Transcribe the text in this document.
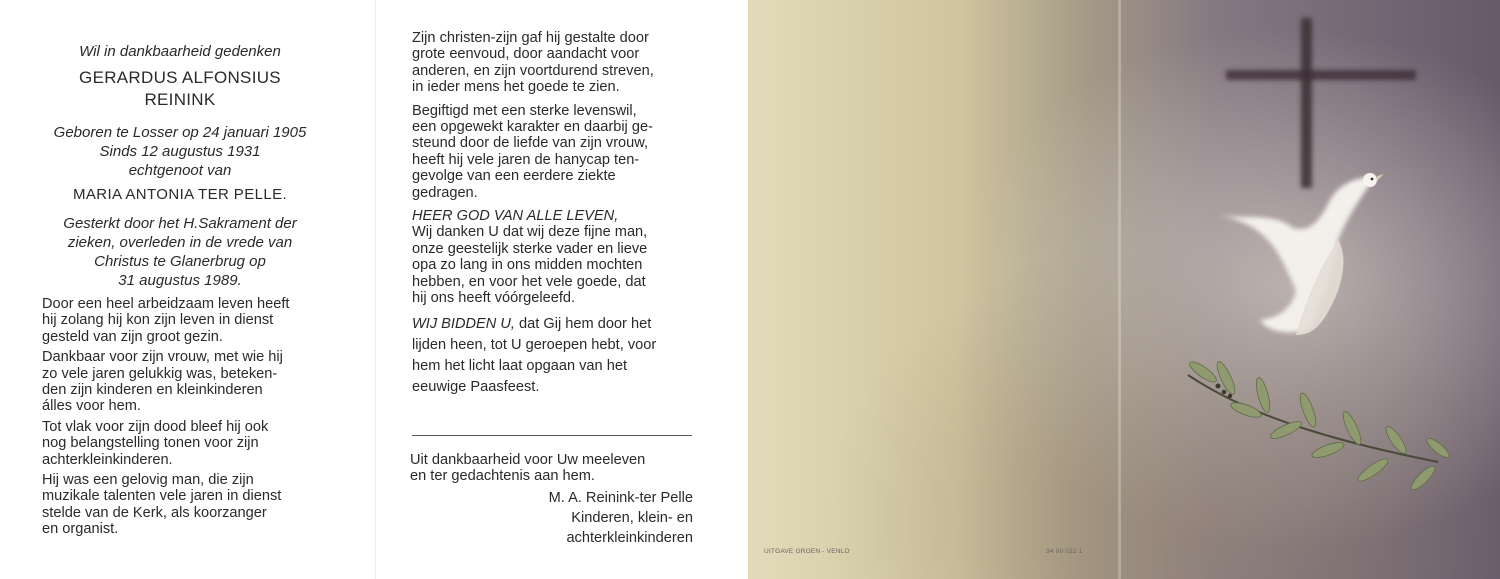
Wil in dankbaarheid gedenken
GERARDUS ALFONSIUS
REININK
Geboren te Losser op 24 januari 1905
Sinds 12 augustus 1931
echtgenoot van
MARIA ANTONIA TER PELLE.
Gesterkt door het H.Sakrament der
zieken, overleden in de vrede van
Christus te Glanerbrug op
31 augustus 1989.

Door een heel arbeidzaam leven heeft
hij zolang hij kon zijn leven in dienst
gesteld van zijn groot gezin.

Dankbaar voor zijn vrouw, met wie hij
zo vele jaren gelukkig was, beteken-
den zijn kinderen en kleinkinderen
álles voor hem.

Tot vlak voor zijn dood bleef hij ook
nog belangstelling tonen voor zijn
achterkleinkinderen.

Hij was een gelovig man, die zijn
muzikale talenten vele jaren in dienst
stelde van de Kerk, als koorzanger
en organist.

Zijn christen-zijn gaf hij gestalte door
grote eenvoud, door aandacht voor
anderen, en zijn voortdurend streven,
in ieder mens het goede te zien.

Begiftigd met een sterke levenswil,
een opgewekt karakter en daarbij ge-
steund door de liefde van zijn vrouw,
heeft hij vele jaren de hanycap ten-
gevolge van een eerdere ziekte
gedragen.

HEER GOD VAN ALLE LEVEN,
Wij danken U dat wij deze fijne man,
onze geestelijk sterke vader en lieve
opa zo lang in ons midden mochten
hebben, en voor het vele goede, dat
hij ons heeft vóórgeleefd.

WIJ BIDDEN U, dat Gij hem door het
lijden heen, tot U geroepen hebt, voor
hem het licht laat opgaan van het
eeuwige Paasfeest.

Uit dankbaarheid voor Uw meeleven
en ter gedachtenis aan hem.
M. A. Reinink-ter Pelle
Kinderen, klein- en
achterkleinkinderen
UITGAVE GROEN - VENLO	34 00 022 1
